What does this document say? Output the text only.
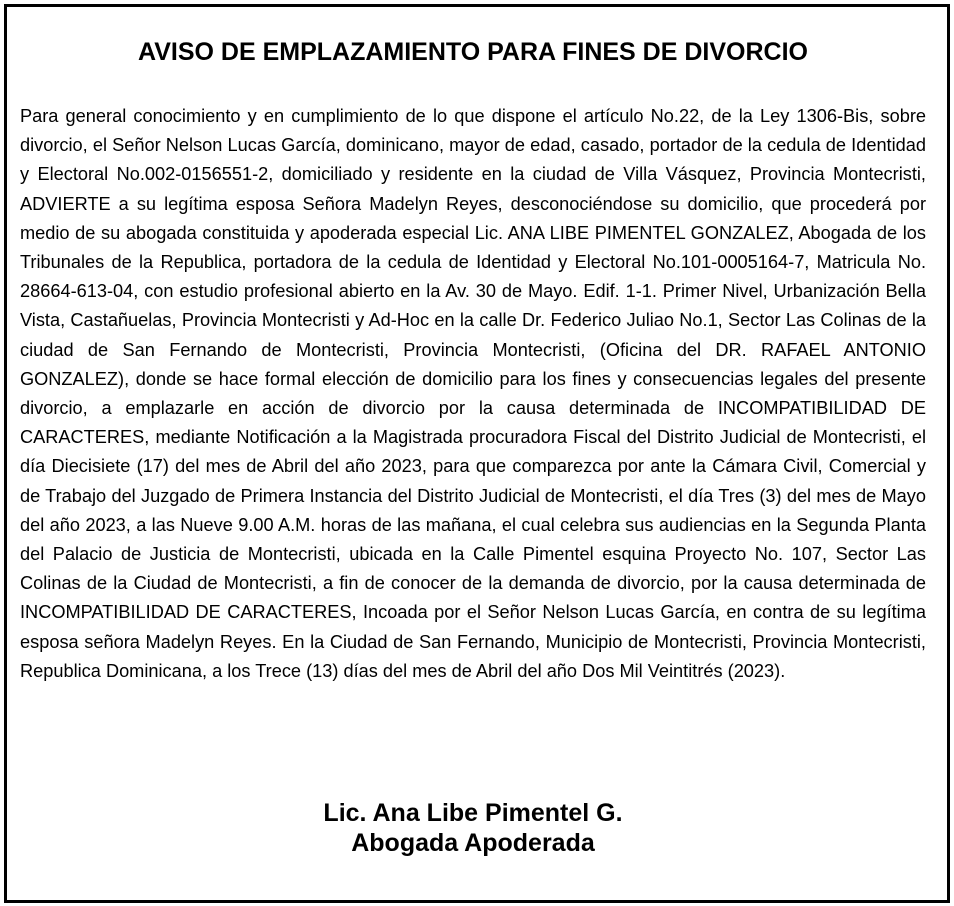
AVISO DE EMPLAZAMIENTO PARA FINES DE DIVORCIO

Para general conocimiento y en cumplimiento de lo que dispone el artículo No.22, de la Ley 1306-Bis, sobre divorcio, el Señor Nelson Lucas García, dominicano, mayor de edad, casado, portador de la cedula de Identidad y Electoral No.002-0156551-2, domiciliado y residente en la ciudad de Villa Vásquez, Provincia Montecristi, ADVIERTE a su legítima esposa Señora Madelyn Reyes, desconociéndose su domicilio, que procederá por medio de su abogada constituida y apoderada especial Lic. ANA LIBE PIMENTEL GONZALEZ, Abogada de los Tribunales de la Republica, portadora de la cedula de Identidad y Electoral No.101-0005164-7, Matricula No. 28664-613-04, con estudio profesional abierto en la Av. 30 de Mayo. Edif. 1-1. Primer Nivel, Urbanización Bella Vista, Castañuelas, Provincia Montecristi y Ad-Hoc en la calle Dr. Federico Juliao No.1, Sector Las Colinas de la ciudad de San Fernando de Montecristi, Provincia Montecristi, (Oficina del DR. RAFAEL ANTONIO GONZALEZ), donde se hace formal elección de domicilio para los fines y consecuencias legales del presente divorcio, a emplazarle en acción de divorcio por la causa determinada de INCOMPATIBILIDAD DE CARACTERES, mediante Notificación a la Magistrada procuradora Fiscal del Distrito Judicial de Montecristi, el día Diecisiete (17) del mes de Abril del año 2023, para que comparezca por ante la Cámara Civil, Comercial y de Trabajo del Juzgado de Primera Instancia del Distrito Judicial de Montecristi, el día Tres (3) del mes de Mayo del año 2023, a las Nueve 9.00 A.M. horas de las mañana, el cual celebra sus audiencias en la Segunda Planta del Palacio de Justicia de Montecristi, ubicada en la Calle Pimentel esquina Proyecto No. 107, Sector Las Colinas de la Ciudad de Montecristi, a fin de conocer de la demanda de divorcio, por la causa determinada de INCOMPATIBILIDAD DE CARACTERES, Incoada por el Señor Nelson Lucas García, en contra de su legítima esposa señora Madelyn Reyes. En la Ciudad de San Fernando, Municipio de Montecristi, Provincia Montecristi, Republica Dominicana, a los Trece (13) días del mes de Abril del año Dos Mil Veintitrés (2023).

Lic. Ana Libe Pimentel G.
Abogada Apoderada
